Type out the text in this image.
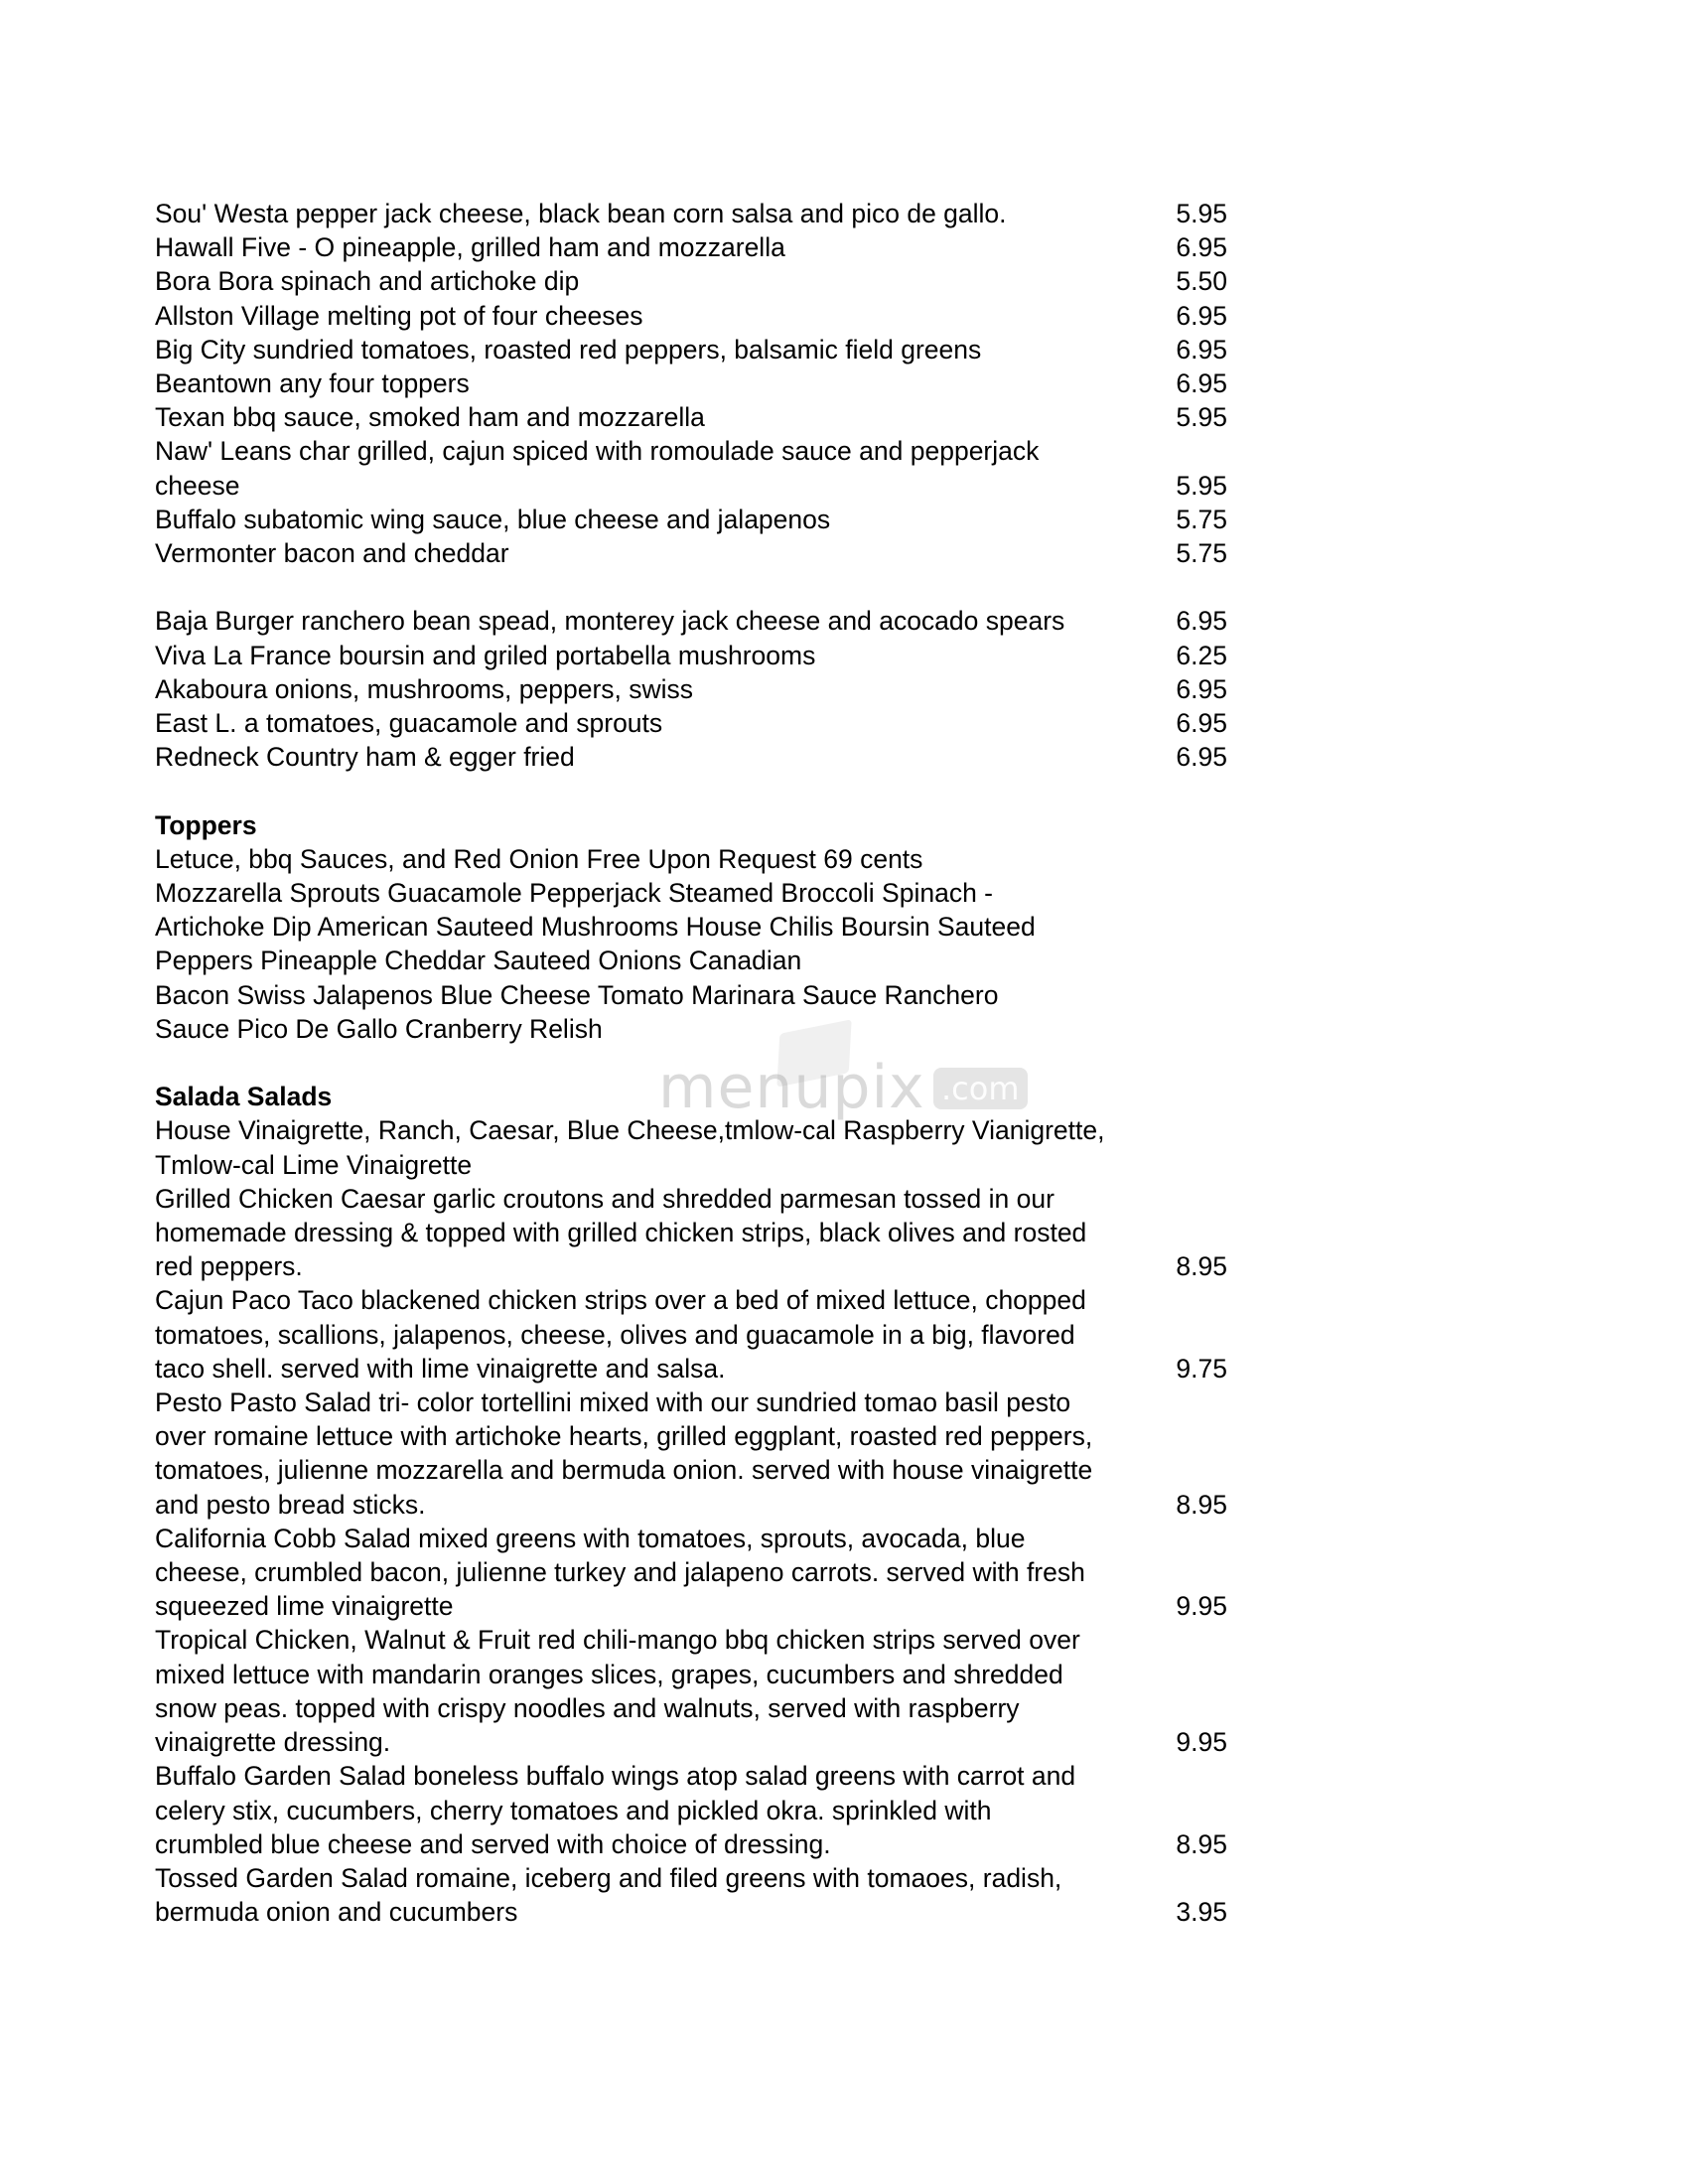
Sou' Westa pepper jack cheese, black bean corn salsa and pico de gallo.	5.95
Hawall Five - O pineapple, grilled ham and mozzarella	6.95
Bora Bora spinach and artichoke dip	5.50
Allston Village melting pot of four cheeses	6.95
Big City sundried tomatoes, roasted red peppers, balsamic field greens	6.95
Beantown any four toppers	6.95
Texan bbq sauce, smoked ham and mozzarella	5.95
Naw' Leans char grilled, cajun spiced with romoulade sauce and pepperjack
cheese	5.95
Buffalo subatomic wing sauce, blue cheese and jalapenos	5.75
Vermonter bacon and cheddar	5.75
Baja Burger ranchero bean spead, monterey jack cheese and acocado spears	6.95
Viva La France boursin and griled portabella mushrooms	6.25
Akaboura onions, mushrooms, peppers, swiss	6.95
East L. a tomatoes, guacamole and sprouts	6.95
Redneck Country ham & egger fried	6.95
Toppers
Letuce, bbq Sauces, and Red Onion Free Upon Request 69 cents
Mozzarella Sprouts Guacamole Pepperjack Steamed Broccoli Spinach -
Artichoke Dip American Sauteed Mushrooms House Chilis Boursin Sauteed
Peppers Pineapple Cheddar Sauteed Onions Canadian
Bacon Swiss Jalapenos Blue Cheese Tomato Marinara Sauce Ranchero
Sauce Pico De Gallo Cranberry Relish
Salada Salads
House Vinaigrette, Ranch, Caesar, Blue Cheese,tmlow-cal Raspberry Vianigrette,
Tmlow-cal Lime Vinaigrette
Grilled Chicken Caesar garlic croutons and shredded parmesan tossed in our
homemade dressing & topped with grilled chicken strips, black olives and rosted
red peppers.	8.95
Cajun Paco Taco blackened chicken strips over a bed of mixed lettuce, chopped
tomatoes, scallions, jalapenos, cheese, olives and guacamole in a big, flavored
taco shell. served with lime vinaigrette and salsa.	9.75
Pesto Pasto Salad tri- color tortellini mixed with our sundried tomao basil pesto
over romaine lettuce with artichoke hearts, grilled eggplant, roasted red peppers,
tomatoes, julienne mozzarella and bermuda onion. served with house vinaigrette
and pesto bread sticks.	8.95
California Cobb Salad mixed greens with tomatoes, sprouts, avocada, blue
cheese, crumbled bacon, julienne turkey and jalapeno carrots. served with fresh
squeezed lime vinaigrette	9.95
Tropical Chicken, Walnut & Fruit red chili-mango bbq chicken strips served over
mixed lettuce with mandarin oranges slices, grapes, cucumbers and shredded
snow peas. topped with crispy noodles and walnuts, served with raspberry
vinaigrette dressing.	9.95
Buffalo Garden Salad boneless buffalo wings atop salad greens with carrot and
celery stix, cucumbers, cherry tomatoes and pickled okra. sprinkled with
crumbled blue cheese and served with choice of dressing.	8.95
Tossed Garden Salad romaine, iceberg and filed greens with tomaoes, radish,
bermuda onion and cucumbers	3.95
menupix .com
